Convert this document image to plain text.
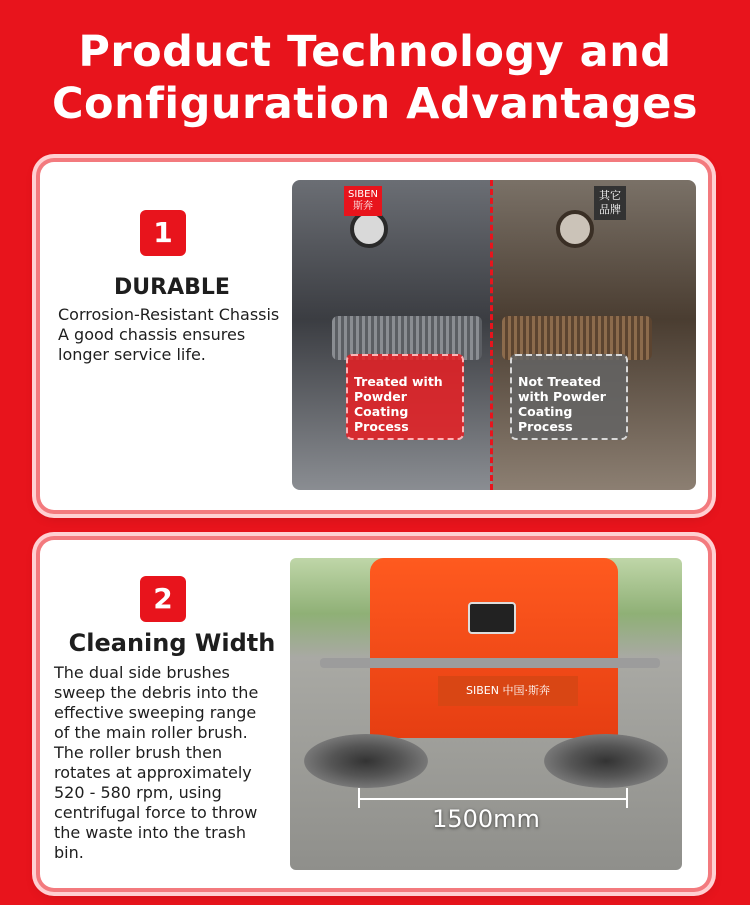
Product Technology and
Configuration Advantages
1
DURABLE
Corrosion-Resistant Chassis
A good chassis ensures
longer service life.
SIBEN
斯奔
其它
品牌
Treated with
Powder Coating
Process
Not Treated
with Powder
Coating Process
2
Cleaning Width
The dual side brushes
sweep the debris into the
effective sweeping range
of the main roller brush.
The roller brush then
rotates at approximately
520 - 580 rpm, using
centrifugal force to throw
the waste into the trash
bin.
SIBEN 中国·斯奔
1500mm
